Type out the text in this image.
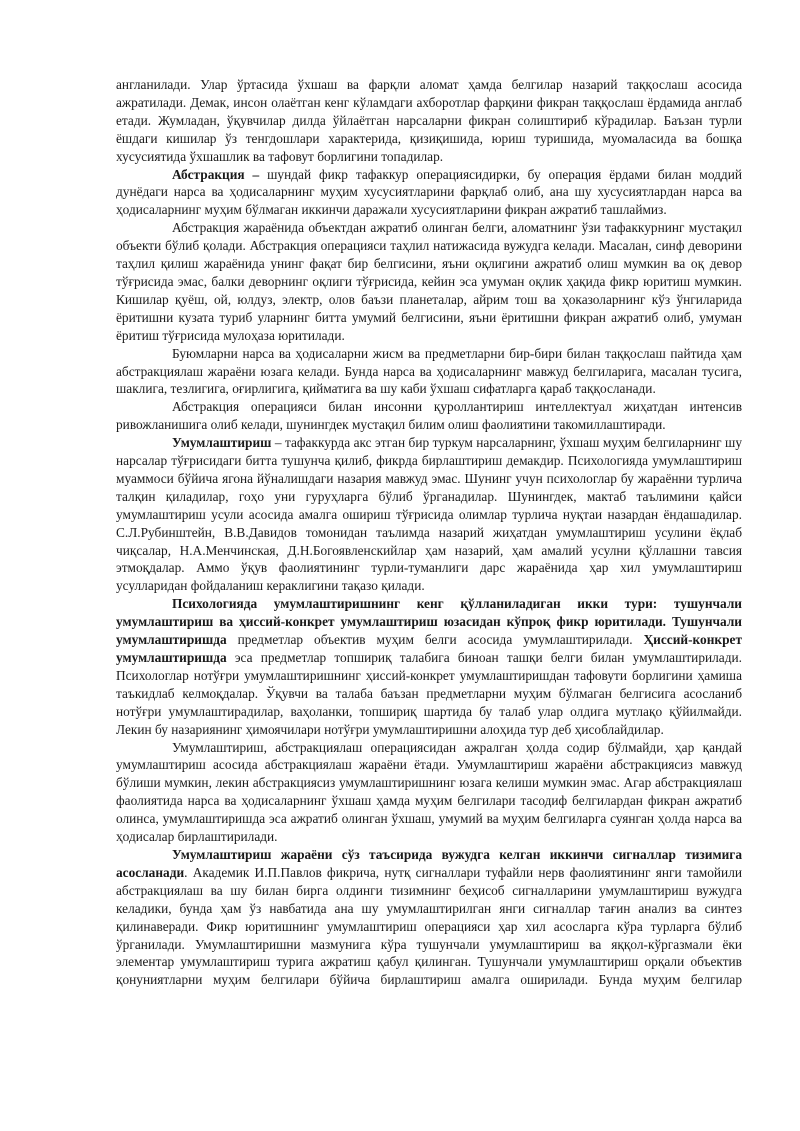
англанилади. Улар ўртасида ўхшаш ва фарқли аломат ҳамда белгилар назарий таққослаш асосида ажратилади. Демак, инсон олаётган кенг кўламдаги ахборотлар фарқини фикран таққослаш ёрдамида англаб етади. Жумладан, ўқувчилар дилда ўйлаётган нарсаларни фикран солиштириб кўрадилар. Баъзан турли ёшдаги кишилар ўз тенгдошлари характерида, қизиқишида, юриш туришида, муомаласида ва бошқа хусусиятида ўхшашлик ва тафовут борлигини топадилар.

Абстракция – шундай фикр тафаккур операциясидирки, бу операция ёрдами билан моддий дунёдаги нарса ва ҳодисаларнинг муҳим хусусиятларини фарқлаб олиб, ана шу хусусиятлардан нарса ва ҳодисаларнинг муҳим бўлмаган иккинчи даражали хусусиятларини фикран ажратиб ташлаймиз.

Абстракция жараёнида объектдан ажратиб олинган белги, аломатнинг ўзи тафаккурнинг мустақил объекти бўлиб қолади. Абстракция операцияси таҳлил натижасида вужудга келади. Масалан, синф деворини таҳлил қилиш жараёнида унинг фақат бир белгисини, яъни оқлигини ажратиб олиш мумкин ва оқ девор тўғрисида эмас, балки деворнинг оқлиги тўғрисида, кейин эса умуман оқлик ҳақида фикр юритиш мумкин. Кишилар қуёш, ой, юлдуз, электр, олов баъзи планеталар, айрим тош ва ҳоказоларнинг кўз ўнгиларида ёритишни кузата туриб уларнинг битта умумий белгисини, яъни ёритишни фикран ажратиб олиб, умуман ёритиш тўғрисида мулоҳаза юритилади.

Буюмларни нарса ва ҳодисаларни жисм ва предметларни бир-бири билан таққослаш пайтида ҳам абстракциялаш жараёни юзага келади. Бунда нарса ва ҳодисаларнинг мавжуд белгиларига, масалан тусига, шаклига, тезлигига, оғирлигига, қийматига ва шу каби ўхшаш сифатларга қараб таққосланади.

Абстракция операцияси билан инсонни қуроллантириш интеллектуал жиҳатдан интенсив ривожланишига олиб келади, шунингдек мустақил билим олиш фаолиятини такомиллаштиради.

Умумлаштириш – тафаккурда акс этган бир туркум нарсаларнинг, ўхшаш муҳим белгиларнинг шу нарсалар тўғрисидаги битта тушунча қилиб, фикрда бирлаштириш демакдир. Психологияда умумлаштириш муаммоси бўйича ягона йўналишдаги назария мавжуд эмас. Шунинг учун психологлар бу жараённи турлича талқин қиладилар, гоҳо уни гуруҳларга бўлиб ўрганадилар. Шунингдек, мактаб таълимини қайси умумлаштириш усули асосида амалга ошириш тўғрисида олимлар турлича нуқтаи назардан ёндашадилар. С.Л.Рубинштейн, В.В.Давидов томонидан таълимда назарий жиҳатдан умумлаштириш усулини ёқлаб чиқсалар, Н.А.Менчинская, Д.Н.Богоявленскийлар ҳам назарий, ҳам амалий усулни қўллашни тавсия этмоқдалар. Аммо ўқув фаолиятининг турли-туманлиги дарс жараёнида ҳар хил умумлаштириш усулларидан фойдаланиш кераклигини тақазо қилади.

Психологияда умумлаштиришнинг кенг қўлланиладиган икки тури: тушунчали умумлаштириш ва ҳиссий-конкрет умумлаштириш юзасидан кўпроқ фикр юритилади. Тушунчали умумлаштиришда предметлар объектив муҳим белги асосида умумлаштирилади. Ҳиссий-конкрет умумлаштиришда эса предметлар топшириқ талабига биноан ташқи белги билан умумлаштирилади. Психологлар нотўғри умумлаштиришнинг ҳиссий-конкрет умумлаштиришдан тафовути борлигини ҳамиша таъкидлаб келмоқдалар. Ўқувчи ва талаба баъзан предметларни муҳим бўлмаган белгисига асосланиб нотўғри умумлаштирадилар, ваҳоланки, топшириқ шартида бу талаб улар олдига мутлақо қўйилмайди. Лекин бу назариянинг ҳимоячилари нотўғри умумлаштиришни алоҳида тур деб ҳисоблайдилар.

Умумлаштириш, абстракциялаш операциясидан ажралган ҳолда содир бўлмайди, ҳар қандай умумлаштириш асосида абстракциялаш жараёни ётади. Умумлаштириш жараёни абстракциясиз мавжуд бўлиши мумкин, лекин абстракциясиз умумлаштиришнинг юзага келиши мумкин эмас. Агар абстракциялаш фаолиятида нарса ва ҳодисаларнинг ўхшаш ҳамда муҳим белгилари тасодиф белгилардан фикран ажратиб олинса, умумлаштиришда эса ажратиб олинган ўхшаш, умумий ва муҳим белгиларга суянган ҳолда нарса ва ҳодисалар бирлаштирилади.

Умумлаштириш жараёни сўз таъсирида вужудга келган иккинчи сигналлар тизимига асосланади. Академик И.П.Павлов фикрича, нутқ сигналлари туфайли нерв фаолиятининг янги тамойили абстракциялаш ва шу билан бирга олдинги тизимнинг беҳисоб сигналларини умумлаштириш вужудга келадики, бунда ҳам ўз навбатида ана шу умумлаштирилган янги сигналлар тағин анализ ва синтез қилинаверади. Фикр юритишнинг умумлаштириш операцияси ҳар хил асосларга кўра турларга бўлиб ўрганилади. Умумлаштиришни мазмунига кўра тушунчали умумлаштириш ва яққол-кўргазмали ёки элементар умумлаштириш турига ажратиш қабул қилинган. Тушунчали умумлаштириш орқали объектив қонуниятларни муҳим белгилари бўйича бирлаштириш амалга оширилади. Бунда муҳим белгилар
